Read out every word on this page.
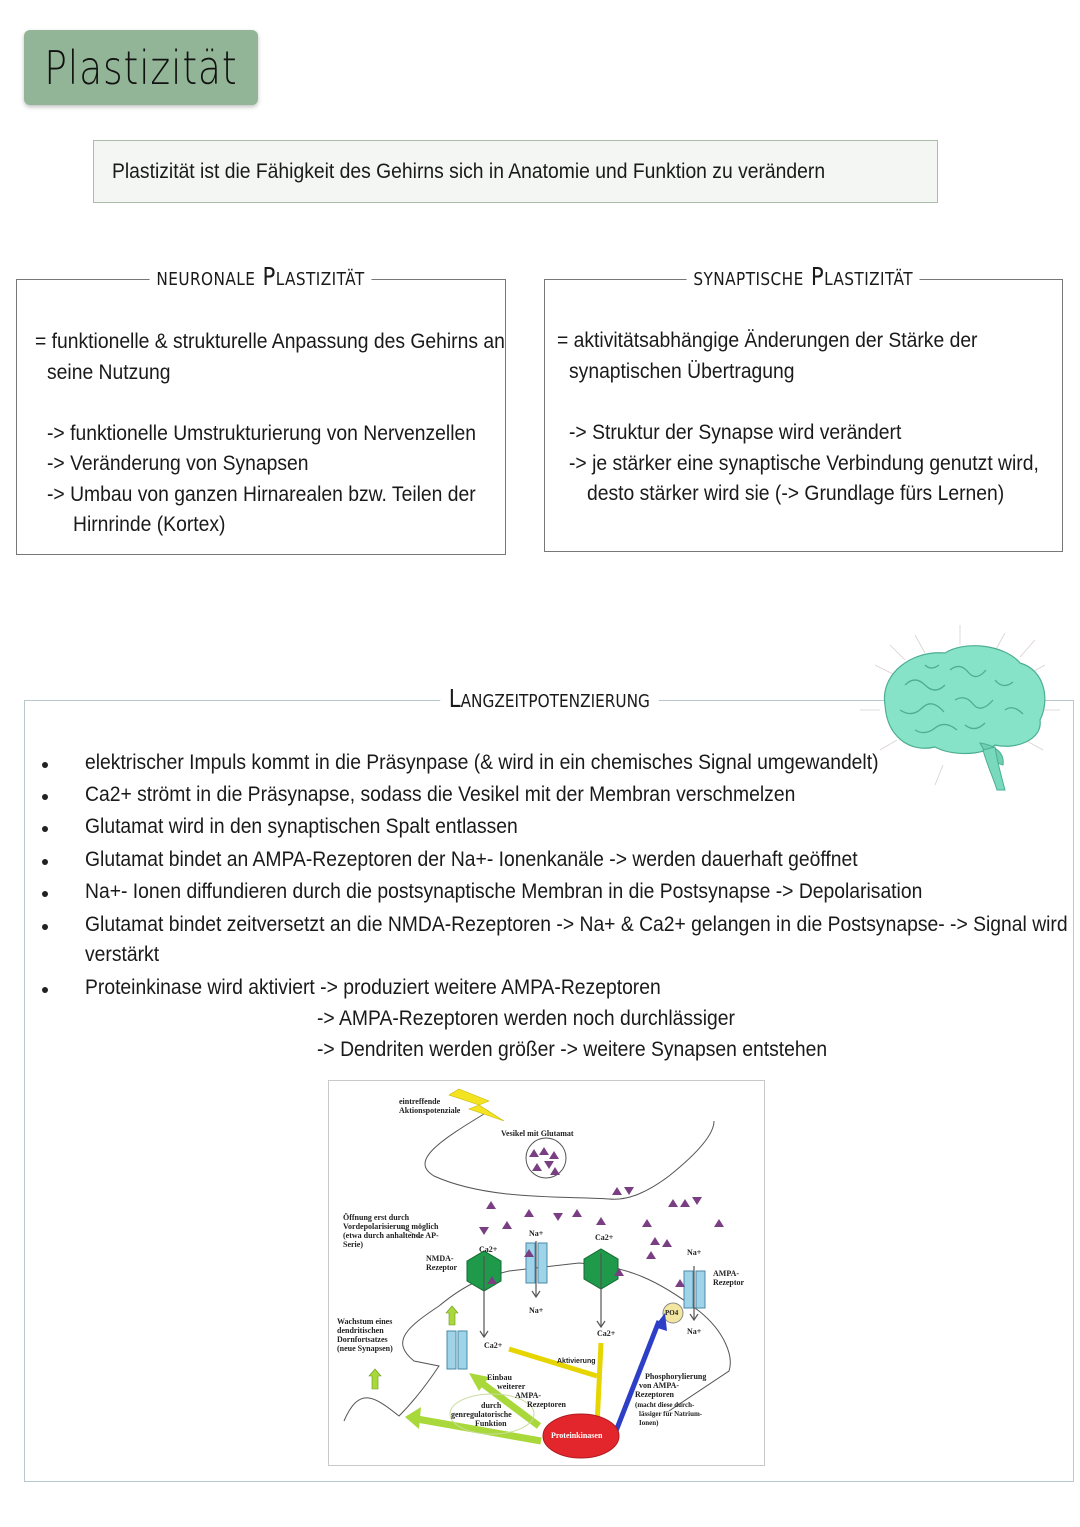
Plastizität
Plastizität ist die Fähigkeit des Gehirns sich in Anatomie und Funktion zu verändern
neuronale Plastizität
= funktionelle & strukturelle Anpassung des Gehirns an
seine Nutzung
-> funktionelle Umstrukturierung von Nervenzellen
-> Veränderung von Synapsen
-> Umbau von ganzen Hirnarealen bzw. Teilen der
Hirnrinde (Kortex)
synaptische Plastizität
= aktivitätsabhängige Änderungen der Stärke der
synaptischen Übertragung
-> Struktur der Synapse wird verändert
-> je stärker eine synaptische Verbindung genutzt wird,
desto stärker wird sie (-> Grundlage fürs Lernen)
Langzeitpotenzierung
elektrischer Impuls kommt in die Präsynpase (& wird in ein chemisches Signal umgewandelt)
Ca2+ strömt in die Präsynapse, sodass die Vesikel mit der Membran verschmelzen
Glutamat wird in den synaptischen Spalt entlassen
Glutamat bindet an AMPA-Rezeptoren der Na+- Ionenkanäle -> werden dauerhaft geöffnet
Na+- Ionen diffundieren durch die postsynaptische Membran in die Postsynapse -> Depolarisation
Glutamat bindet zeitversetzt an die NMDA-Rezeptoren -> Na+ & Ca2+ gelangen in die Postsynapse- -> Signal wird
verstärkt
Proteinkinase wird aktiviert -> produziert weitere AMPA-Rezeptoren
-> AMPA-Rezeptoren werden noch durchlässiger
-> Dendriten werden größer -> weitere Synapsen entstehen
eintreffende
Aktionspotenziale
Vesikel mit Glutamat
Öffnung erst durch
Vordepolarisierung möglich
(etwa durch anhaltende AP-
Serie)
NMDA-
Rezeptor
AMPA-
Rezeptor
Ca2+
Ca2+
Ca2+
Ca2+
Na+
Na+
Na+
Na+
PO4
Wachstum eines
dendritischen
Dornfortsatzes
(neue Synapsen)
Aktivierung
Einbau
weiterer
AMPA-
Rezeptoren
durch
genregulatorische
Funktion
Phosphorylierung
von AMPA-
Rezeptoren
(macht diese durch-
lässiger für Natrium-
Ionen)
Proteinkinasen
